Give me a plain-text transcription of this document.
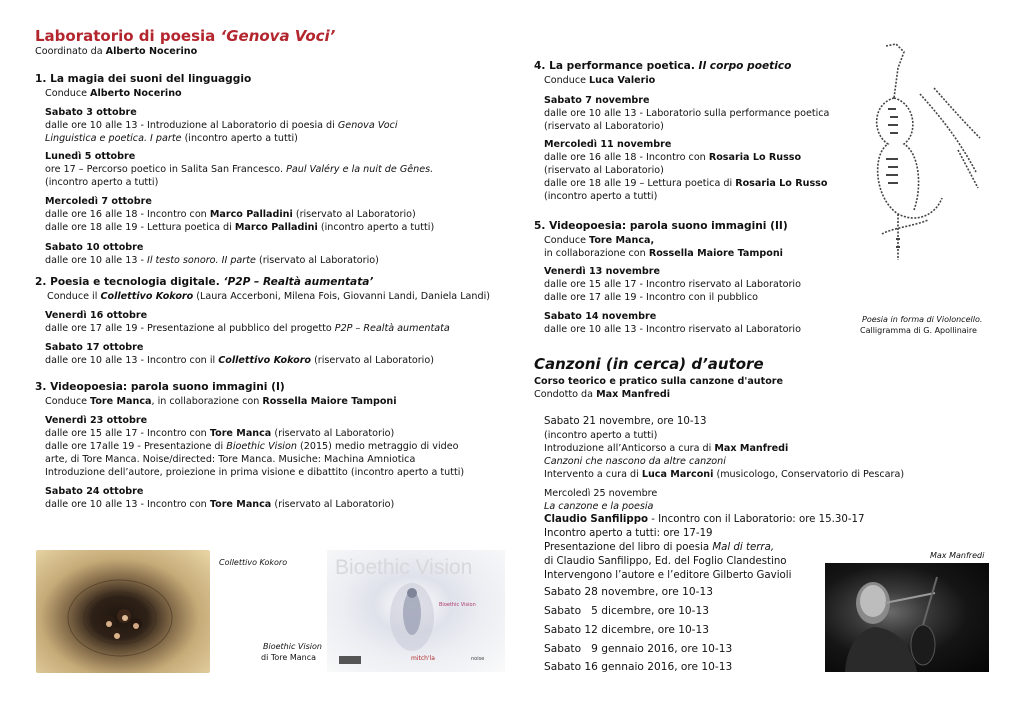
Laboratorio di poesia ‘Genova Voci’
Coordinato da Alberto Nocerino
1. La magia dei suoni del linguaggio
Conduce Alberto Nocerino
Sabato 3 ottobre
dalle ore 10 alle 13 - Introduzione al Laboratorio di poesia di Genova Voci
Linguistica e poetica. I parte (incontro aperto a tutti)
Lunedì 5 ottobre
ore 17 – Percorso poetico in Salita San Francesco. Paul Valéry e la nuit de Gênes.
(incontro aperto a tutti)
Mercoledì 7 ottobre
dalle ore 16 alle 18 - Incontro con Marco Palladini (riservato al Laboratorio)
dalle ore 18 alle 19 - Lettura poetica di Marco Palladini (incontro aperto a tutti)
Sabato 10 ottobre
dalle ore 10 alle 13 - Il testo sonoro. II parte (riservato al Laboratorio)
2. Poesia e tecnologia digitale. ‘P2P – Realtà aumentata’
Conduce il Collettivo Kokoro (Laura Accerboni, Milena Fois, Giovanni Landi, Daniela Landi)
Venerdì 16 ottobre
dalle ore 17 alle 19 - Presentazione al pubblico del progetto P2P – Realtà aumentata
Sabato 17 ottobre
dalle ore 10 alle 13 - Incontro con il Collettivo Kokoro (riservato al Laboratorio)
3. Videopoesia: parola suono immagini (I)
Conduce Tore Manca, in collaborazione con Rossella Maiore Tamponi
Venerdì 23 ottobre
dalle ore 15 alle 17 - Incontro con Tore Manca (riservato al Laboratorio)
dalle ore 17alle 19 - Presentazione di Bioethic Vision (2015) medio metraggio di video
arte, di Tore Manca. Noise/directed: Tore Manca. Musiche: Machina Amniotica
Introduzione dell’autore, proiezione in prima visione e dibattito (incontro aperto a tutti)
Sabato 24 ottobre
dalle ore 10 alle 13 - Incontro con Tore Manca (riservato al Laboratorio)
Collettivo Kokoro Bioethic Vision
Bioethic Vision
mitch'la	noise
Bioethic Vision
di Tore Manca
4. La performance poetica. Il corpo poetico
Conduce Luca Valerio
Sabato 7 novembre
dalle ore 10 alle 13 - Laboratorio sulla performance poetica
(riservato al Laboratorio)
Mercoledì 11 novembre
dalle ore 16 alle 18 - Incontro con Rosaria Lo Russo
(riservato al Laboratorio)
dalle ore 18 alle 19 – Lettura poetica di Rosaria Lo Russo
(incontro aperto a tutti)
5. Videopoesia: parola suono immagini (II)
Conduce Tore Manca,
in collaborazione con Rossella Maiore Tamponi
Venerdì 13 novembre
dalle ore 15 alle 17 - Incontro riservato al Laboratorio
dalle ore 17 alle 19 - Incontro con il pubblico
Sabato 14 novembre
dalle ore 10 alle 13 - Incontro riservato al Laboratorio
Poesia in forma di Violoncello.
Calligramma di G. Apollinaire
Canzoni (in cerca) d’autore
Corso teorico e pratico sulla canzone d'autore
Condotto da Max Manfredi
Sabato 21 novembre, ore 10-13
(incontro aperto a tutti)
Introduzione all’Anticorso a cura di Max Manfredi
Canzoni che nascono da altre canzoni
Intervento a cura di Luca Marconi (musicologo, Conservatorio di Pescara)
Mercoledì 25 novembre
La canzone e la poesia
Claudio Sanfilippo - Incontro con il Laboratorio: ore 15.30-17
Incontro aperto a tutti: ore 17-19
Presentazione del libro di poesia Mal di terra,
di Claudio Sanfilippo, Ed. del Foglio Clandestino
Intervengono l’autore e l’editore Gilberto Gavioli
Sabato 28 novembre, ore 10-13
Sabato   5 dicembre, ore 10-13
Sabato 12 dicembre, ore 10-13
Sabato   9 gennaio 2016, ore 10-13
Sabato 16 gennaio 2016, ore 10-13
Max Manfredi
